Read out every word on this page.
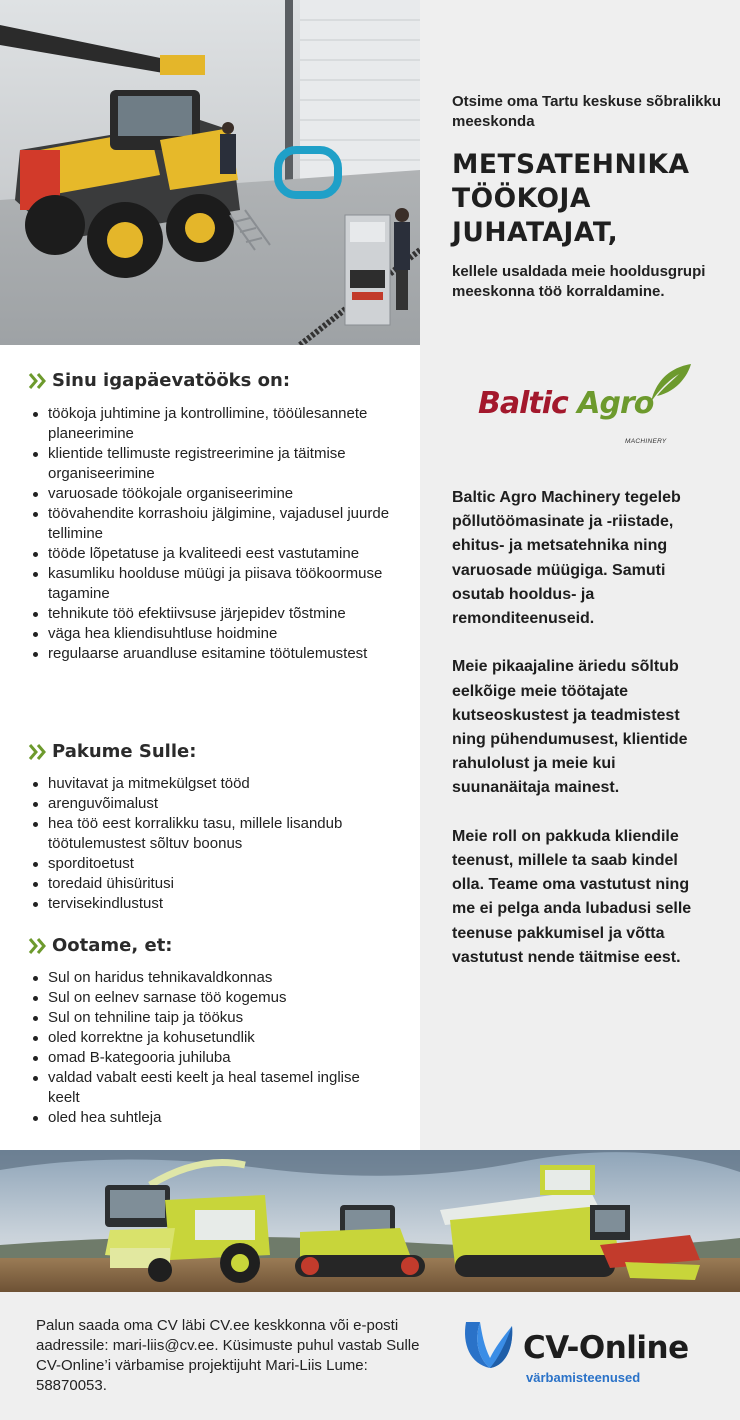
Otsime oma Tartu keskuse sõbralikku meeskonda
METSATEHNIKA TÖÖKOJA JUHATAJAT,
kellele usaldada meie hooldusgrupi meeskonna töö korraldamine.
Baltic Agro
MACHINERY

Baltic Agro Machinery tegeleb põllutöömasinate ja -riistade, ehitus- ja metsatehnika ning varuosade müügiga. Samuti osutab hooldus- ja remonditeenuseid.

Meie pikaajaline äriedu sõltub eelkõige meie töötajate kutseoskustest ja teadmistest ning pühendumusest, klientide rahulolust ja meie kui suunanäitaja mainest.

Meie roll on pakkuda kliendile teenust, millele ta saab kindel olla. Teame oma vastutust ning me ei pelga anda lubadusi selle teenuse pakkumisel ja võtta vastutust nende täitmise eest.

Sinu igapäevatööks on:
töökoja juhtimine ja kontrollimine, tööülesannete planeerimine
klientide tellimuste registreerimine ja täitmise organiseerimine
varuosade töökojale organiseerimine
töövahendite korrashoiu jälgimine, vajadusel juurde tellimine
tööde lõpetatuse ja kvaliteedi eest vastutamine
kasumliku hoolduse müügi ja piisava töökoormuse tagamine
tehnikute töö efektiivsuse järjepidev tõstmine
väga hea kliendisuhtluse hoidmine
regulaarse aruandluse esitamine töötulemustest
Pakume Sulle:
huvitavat ja mitmekülgset tööd
arenguvõimalust
hea töö eest korralikku tasu, millele lisandub töötulemustest sõltuv boonus
sporditoetust
toredaid ühisüritusi
tervisekindlustust
Ootame, et:
Sul on haridus tehnikavaldkonnas
Sul on eelnev sarnase töö kogemus
Sul on tehniline taip ja töökus
oled korrektne ja kohusetundlik
omad B-kategooria juhiluba
valdad vabalt eesti keelt ja heal tasemel inglise keelt
oled hea suhtleja
Palun saada oma CV läbi CV.ee keskkonna või e-posti aadressile: mari-liis@cv.ee. Küsimuste puhul vastab Sulle CV-Online’i värbamise projektijuht Mari-Liis Lume: 58870053.
CV-Online
värbamisteenused
